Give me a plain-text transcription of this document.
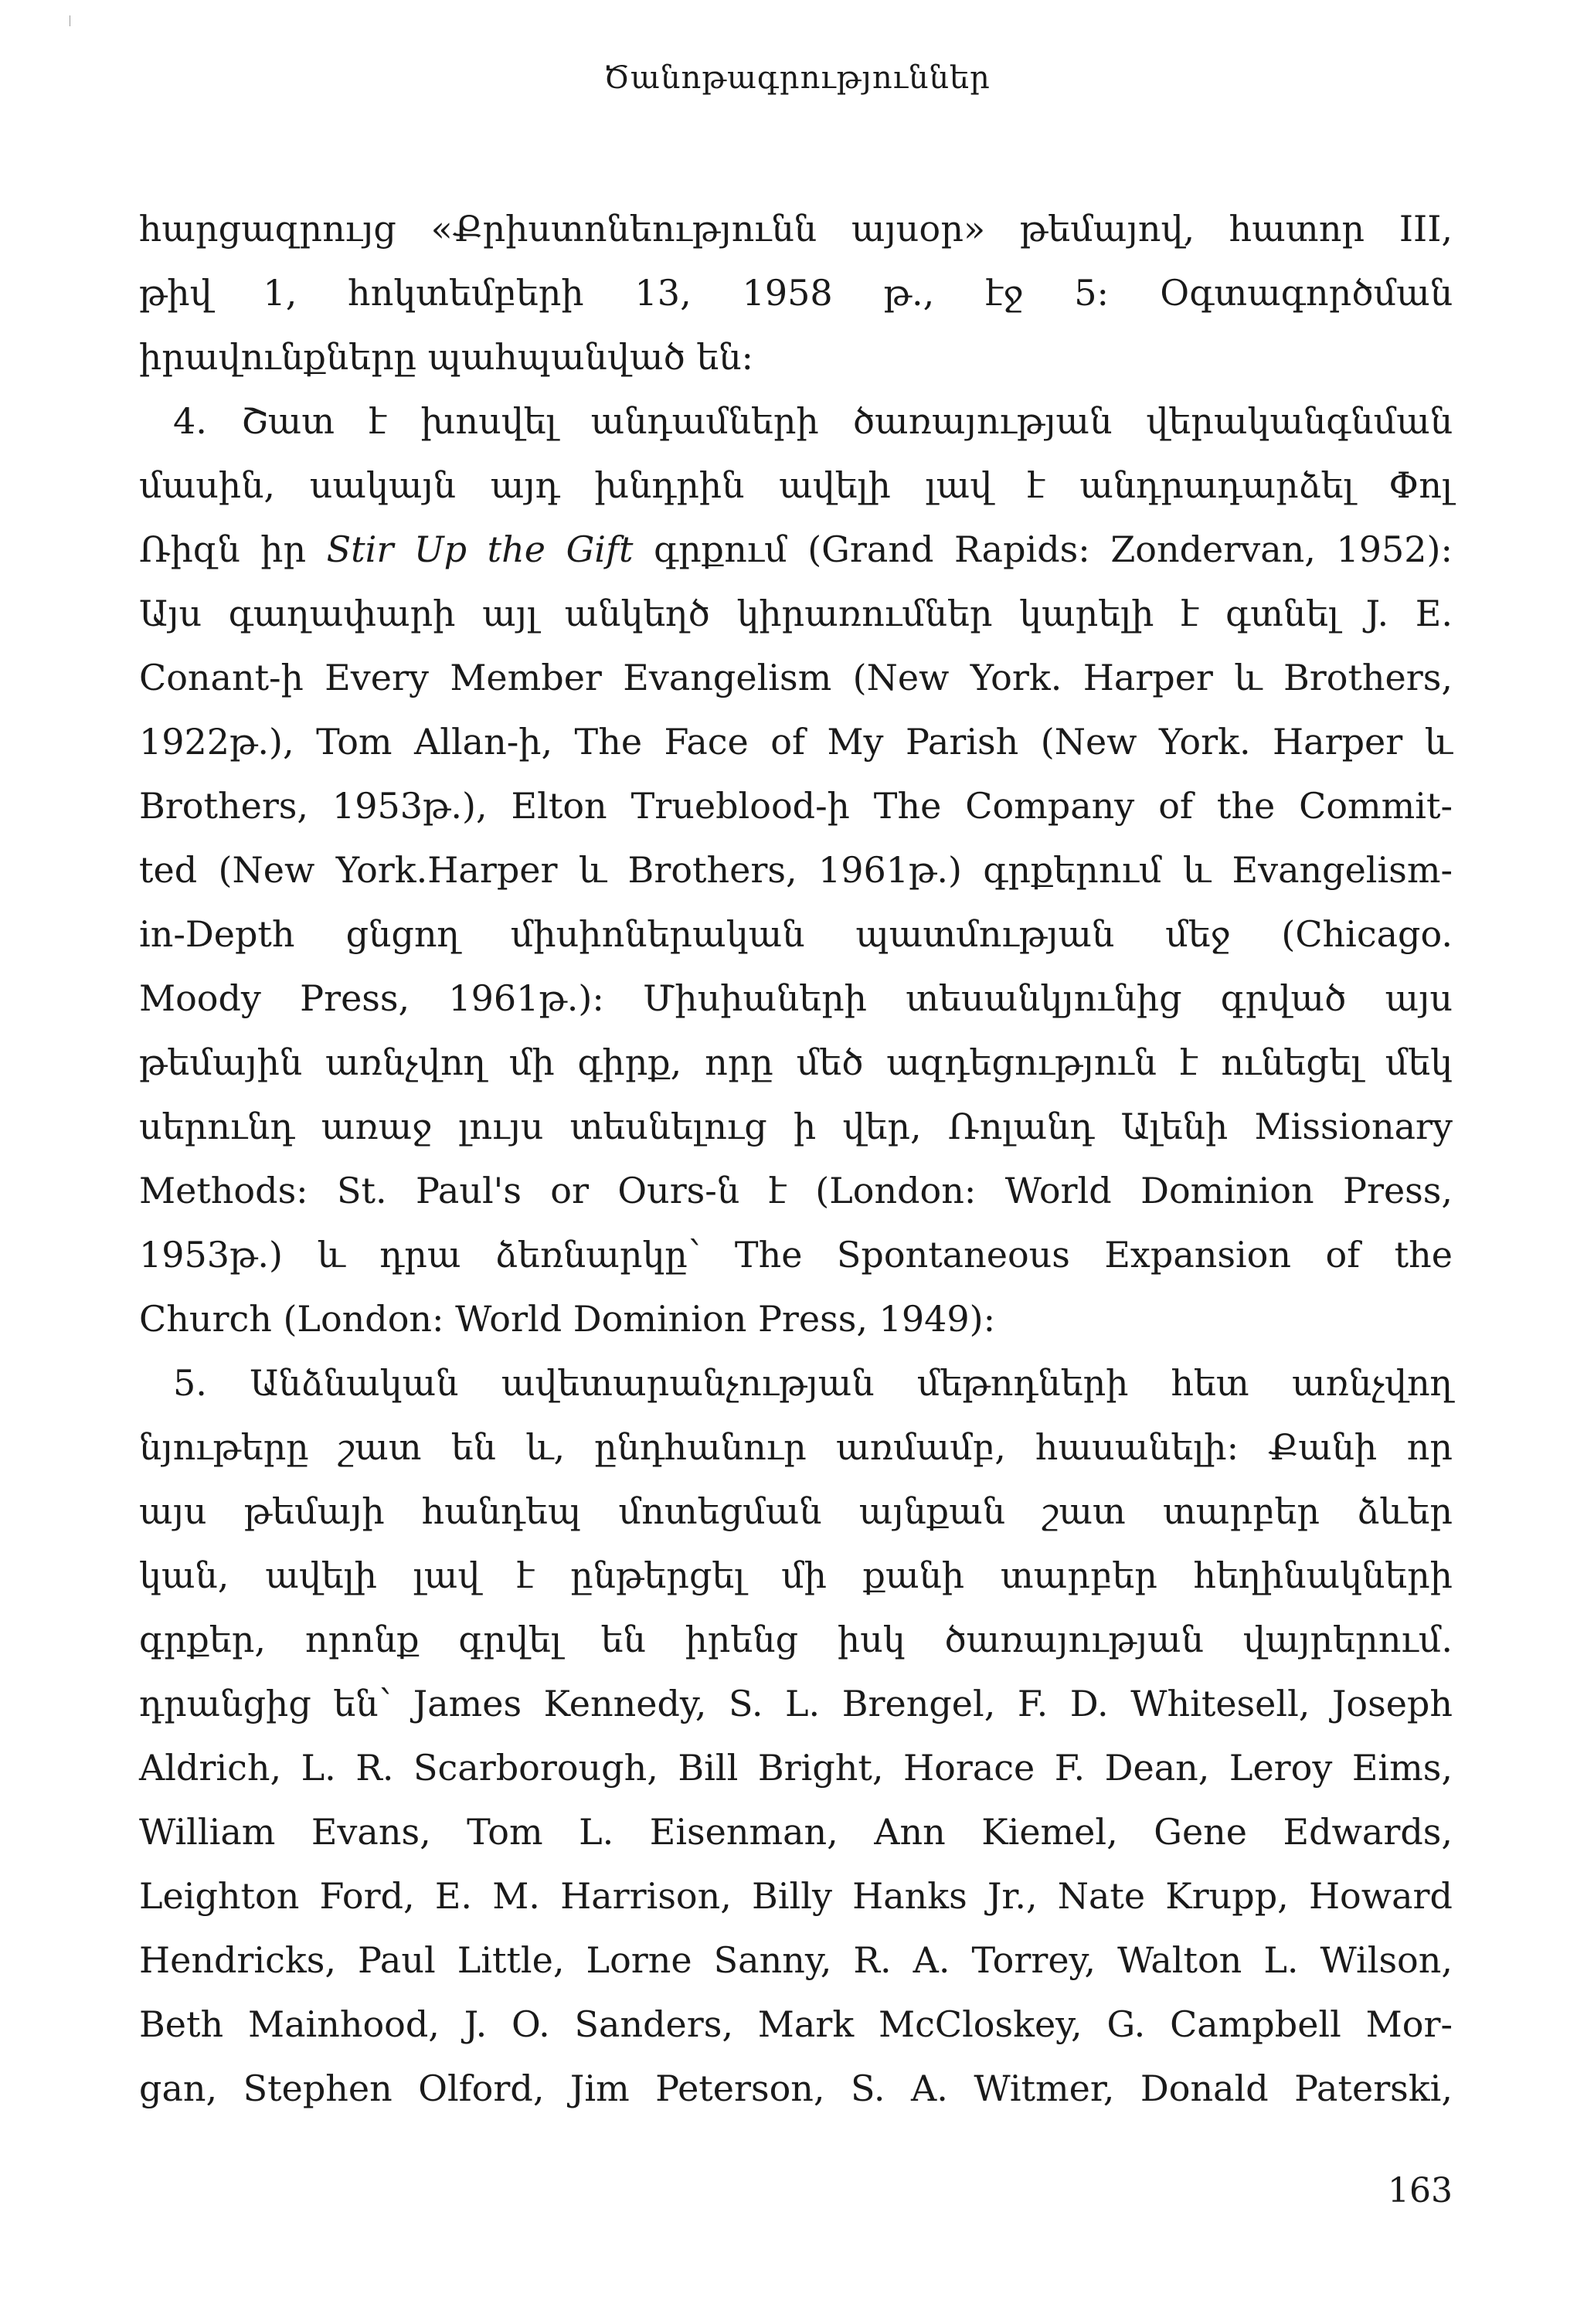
Ծանոթագրություններ
հարցազրույց «Քրիստոնեությունն այսօր» թեմայով, հատոր III,
թիվ 1, հոկտեմբերի 13, 1958 թ., էջ 5: Օգտագործման
իրավունքները պահպանված են:
4. Շատ է խոսվել անդամների ծառայության վերականգնման
մասին, սակայն այդ խնդրին ավելի լավ է անդրադարձել Փոլ
Ռիզն իր Stir Up the Gift գրքում (Grand Rapids: Zondervan, 1952):
Այս գաղափարի այլ անկեղծ կիրառումներ կարելի է գտնել J. E.
Conant-ի Every Member Evangelism (New York. Harper և Brothers,
1922թ.), Tom Allan-ի, The Face of My Parish (New York. Harper և
Brothers, 1953թ.), Elton Trueblood-ի The Company of the Commit-
ted (New York.Harper և Brothers, 1961թ.) գրքերում և Evangelism-
in-Depth ցնցող միսիոներական պատմության մեջ (Chicago.
Moody Press, 1961թ.): Միսիաների տեսանկյունից գրված այս
թեմային առնչվող մի գիրք, որը մեծ ազդեցություն է ունեցել մեկ
սերունդ առաջ լույս տեսնելուց ի վեր, Ռոլանդ Ալենի Missionary
Methods: St. Paul's or Ours-ն է (London: World Dominion Press,
1953թ.) և դրա ձեռնարկը՝ The Spontaneous Expansion of the
Church (London: World Dominion Press, 1949):
5. Անձնական ավետարանչության մեթոդների հետ առնչվող
նյութերը շատ են և, ընդհանուր առմամբ, հասանելի: Քանի որ
այս թեմայի հանդեպ մոտեցման այնքան շատ տարբեր ձևեր
կան, ավելի լավ է ընթերցել մի քանի տարբեր հեղինակների
գրքեր, որոնք գրվել են իրենց իսկ ծառայության վայրերում.
դրանցից են՝ James Kennedy, S. L. Brengel, F. D. Whitesell, Joseph
Aldrich, L. R. Scarborough, Bill Bright, Horace F. Dean, Leroy Eims,
William Evans, Tom L. Eisenman, Ann Kiemel, Gene Edwards,
Leighton Ford, E. M. Harrison, Billy Hanks Jr., Nate Krupp, Howard
Hendricks, Paul Little, Lorne Sanny, R. A. Torrey, Walton L. Wilson,
Beth Mainhood, J. O. Sanders, Mark McCloskey, G. Campbell Mor-
gan, Stephen Olford, Jim Peterson, S. A. Witmer, Donald Paterski,
163
